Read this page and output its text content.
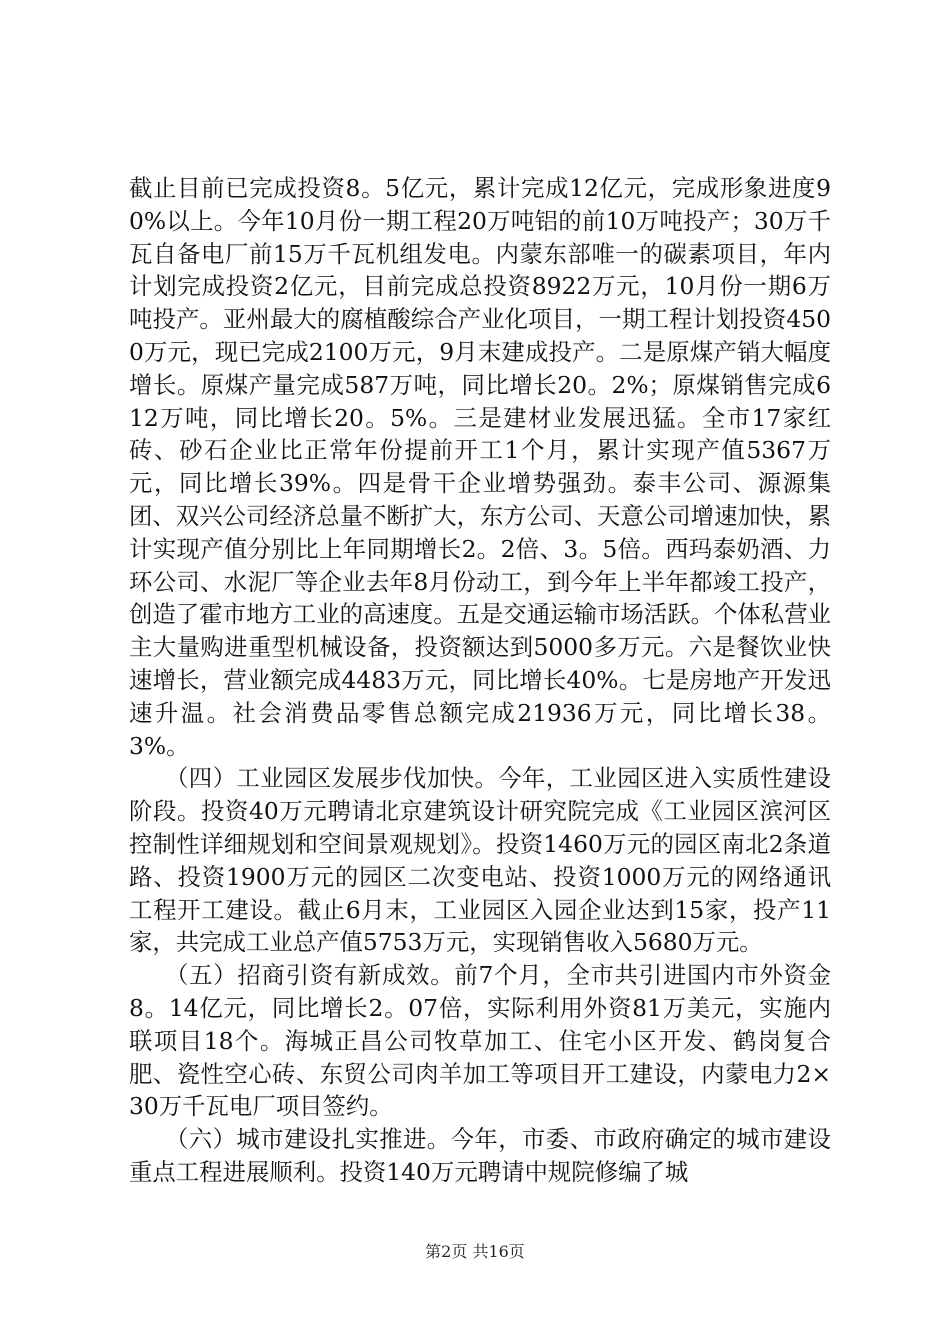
截止目前已完成投资8。5亿元，累计完成12亿元，完成形象进度90%以上。今年10月份一期工程20万吨铝的前10万吨投产；30万千瓦自备电厂前15万千瓦机组发电。内蒙东部唯一的碳素项目，年内计划完成投资2亿元，目前完成总投资8922万元，10月份一期6万吨投产。亚州最大的腐植酸综合产业化项目，一期工程计划投资4500万元，现已完成2100万元，9月末建成投产。二是原煤产销大幅度增长。原煤产量完成587万吨，同比增长20。2%；原煤销售完成612万吨，同比增长20。5%。三是建材业发展迅猛。全市17家红砖、砂石企业比正常年份提前开工1个月，累计实现产值5367万元，同比增长39%。四是骨干企业增势强劲。泰丰公司、源源集团、双兴公司经济总量不断扩大，东方公司、天意公司增速加快，累计实现产值分别比上年同期增长2。2倍、3。5倍。西玛泰奶酒、力环公司、水泥厂等企业去年8月份动工，到今年上半年都竣工投产，创造了霍市地方工业的高速度。五是交通运输市场活跃。个体私营业主大量购进重型机械设备，投资额达到5000多万元。六是餐饮业快速增长，营业额完成4483万元，同比增长40%。七是房地产开发迅速升温。社会消费品零售总额完成21936万元，同比增长38。3%。

（四）工业园区发展步伐加快。今年，工业园区进入实质性建设阶段。投资40万元聘请北京建筑设计研究院完成《工业园区滨河区控制性详细规划和空间景观规划》。投资1460万元的园区南北2条道路、投资1900万元的园区二次变电站、投资1000万元的网络通讯工程开工建设。截止6月末，工业园区入园企业达到15家，投产11家，共完成工业总产值5753万元，实现销售收入5680万元。

（五）招商引资有新成效。前7个月，全市共引进国内市外资金8。14亿元，同比增长2。07倍，实际利用外资81万美元，实施内联项目18个。海城正昌公司牧草加工、住宅小区开发、鹤岗复合肥、瓷性空心砖、东贸公司肉羊加工等项目开工建设，内蒙电力2×30万千瓦电厂项目签约。

（六）城市建设扎实推进。今年，市委、市政府确定的城市建设重点工程进展顺利。投资140万元聘请中规院修编了城

第2页 共16页
